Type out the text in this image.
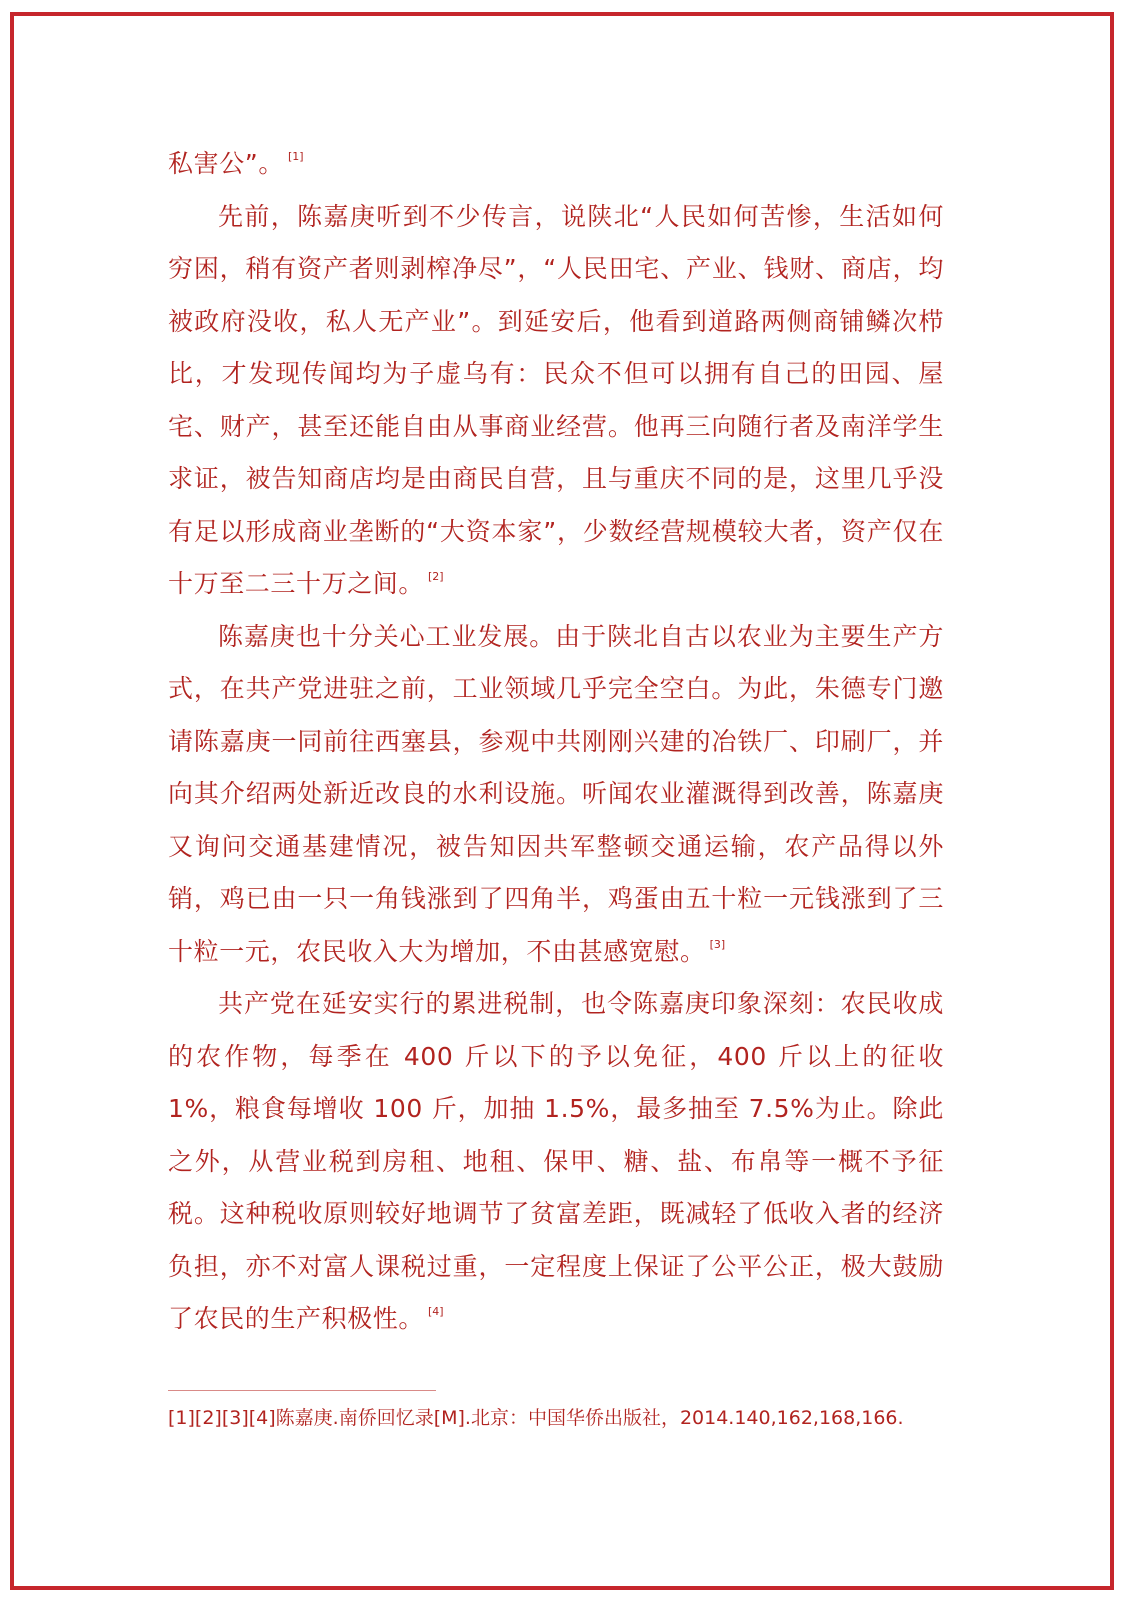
私害公”。 [1]

先前，陈嘉庚听到不少传言，说陕北“人民如何苦惨，生活如何穷困，稍有资产者则剥榨净尽”，“人民田宅、产业、钱财、商店，均被政府没收，私人无产业”。到延安后，他看到道路两侧商铺鳞次栉比，才发现传闻均为子虚乌有：民众不但可以拥有自己的田园、屋宅、财产，甚至还能自由从事商业经营。他再三向随行者及南洋学生求证，被告知商店均是由商民自营，且与重庆不同的是，这里几乎没有足以形成商业垄断的“大资本家”，少数经营规模较大者，资产仅在十万至二三十万之间。 [2]

陈嘉庚也十分关心工业发展。由于陕北自古以农业为主要生产方式，在共产党进驻之前，工业领域几乎完全空白。为此，朱德专门邀请陈嘉庚一同前往西塞县，参观中共刚刚兴建的冶铁厂、印刷厂，并向其介绍两处新近改良的水利设施。听闻农业灌溉得到改善，陈嘉庚又询问交通基建情况，被告知因共军整顿交通运输，农产品得以外销，鸡已由一只一角钱涨到了四角半，鸡蛋由五十粒一元钱涨到了三十粒一元，农民收入大为增加，不由甚感宽慰。 [3]

共产党在延安实行的累进税制，也令陈嘉庚印象深刻：农民收成的农作物，每季在 400 斤以下的予以免征，400 斤以上的征收 1%，粮食每增收 100 斤，加抽 1.5%，最多抽至 7.5%为止。除此之外，从营业税到房租、地租、保甲、糖、盐、布帛等一概不予征税。这种税收原则较好地调节了贫富差距，既减轻了低收入者的经济负担，亦不对富人课税过重，一定程度上保证了公平公正，极大鼓励了农民的生产积极性。 [4]

[1][2][3][4]陈嘉庚.南侨回忆录[M].北京：中国华侨出版社，2014.140,162,168,166.
